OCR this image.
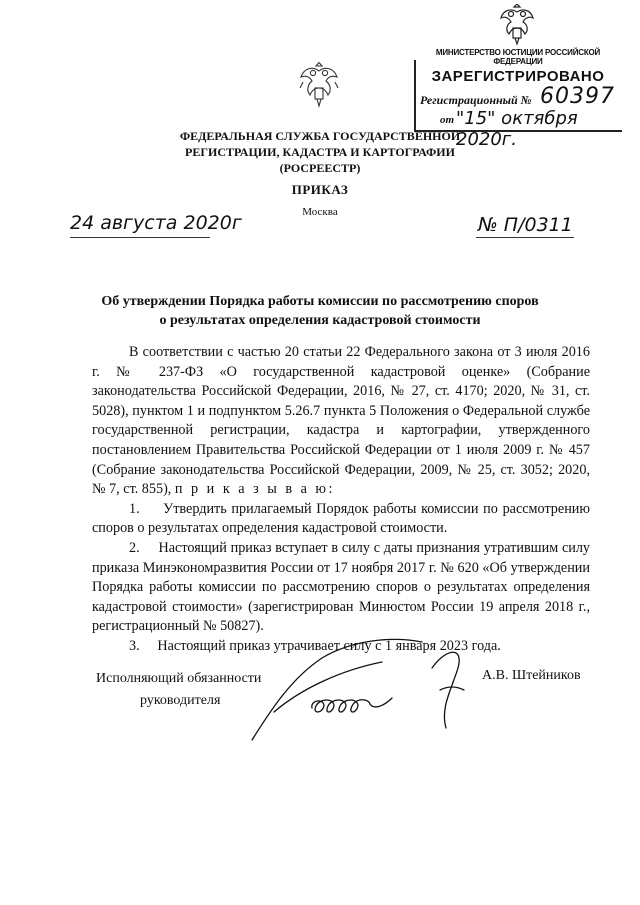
МИНИСТЕРСТВО ЮСТИЦИИ РОССИЙСКОЙ ФЕДЕРАЦИИ
ЗАРЕГИСТРИРОВАНО
Регистрационный № 60397
от "15" октября 2020г.
ФЕДЕРАЛЬНАЯ СЛУЖБА ГОСУДАРСТВЕННОЙ
РЕГИСТРАЦИИ, КАДАСТРА И КАРТОГРАФИИ
(РОСРЕЕСТР)
ПРИКАЗ
Москва
24 августа 2020г	№ П/0311
Об утверждении Порядка работы комиссии по рассмотрению споров
о результатах определения кадастровой стоимости

В соответствии с частью 20 статьи 22 Федерального закона от 3 июля 2016 г. № 237-ФЗ «О государственной кадастровой оценке» (Собрание законодательства Российской Федерации, 2016, № 27, ст. 4170; 2020, № 31, ст. 5028), пунктом 1 и подпунктом 5.26.7 пункта 5 Положения о Федеральной службе государственной регистрации, кадастра и картографии, утвержденного постановлением Правительства Российской Федерации от 1 июля 2009 г. № 457 (Собрание законодательства Российской Федерации, 2009, № 25, ст. 3052; 2020, № 7, ст. 855), п р и к а з ы в а ю:

1. Утвердить прилагаемый Порядок работы комиссии по рассмотрению споров о результатах определения кадастровой стоимости.

2. Настоящий приказ вступает в силу с даты признания утратившим силу приказа Минэкономразвития России от 17 ноября 2017 г. № 620 «Об утверждении Порядка работы комиссии по рассмотрению споров о результатах определения кадастровой стоимости» (зарегистрирован Минюстом России 19 апреля 2018 г., регистрационный № 50827).

3. Настоящий приказ утрачивает силу с 1 января 2023 года.

Исполняющий обязанности
руководителя
А.В. Штейников
